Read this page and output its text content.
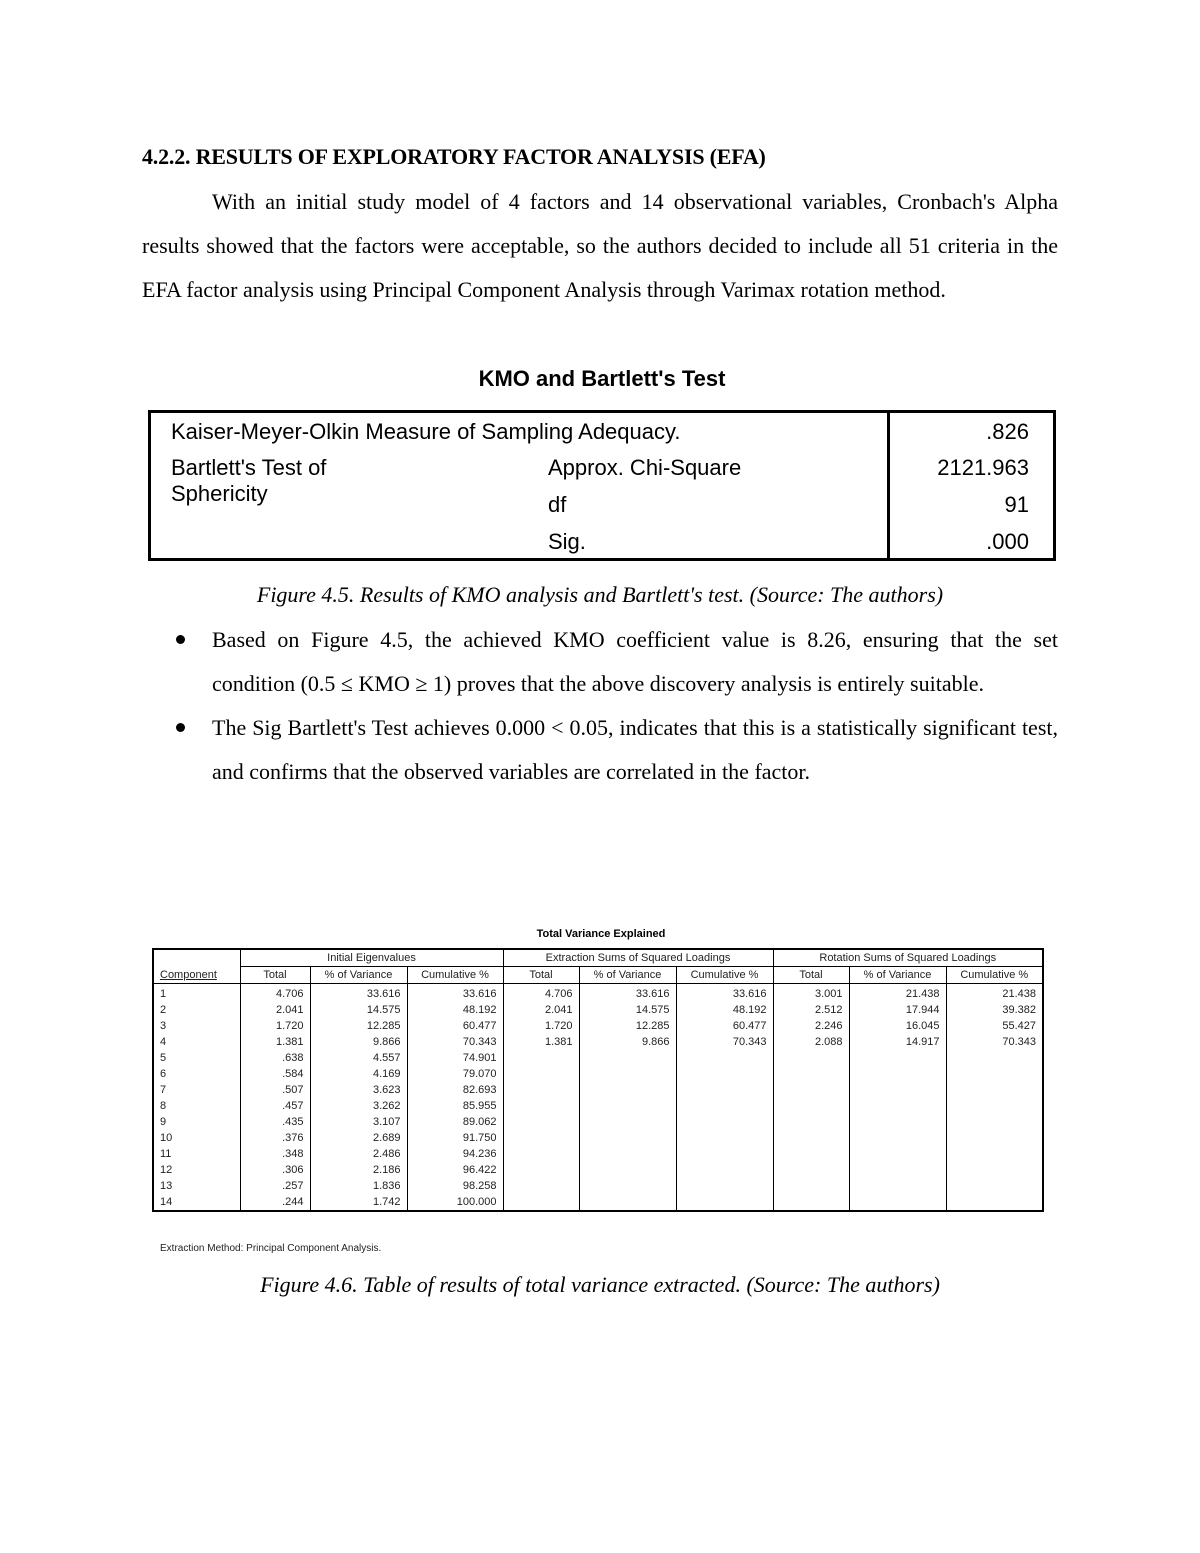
4.2.2. RESULTS OF EXPLORATORY FACTOR ANALYSIS (EFA)
With an initial study model of 4 factors and 14 observational variables, Cronbach's Alpha results showed that the factors were acceptable, so the authors decided to include all 51 criteria in the EFA factor analysis using Principal Component Analysis through Varimax rotation method.
KMO and Bartlett's Test
Kaiser-Meyer-Olkin Measure of Sampling Adequacy.	.826
Bartlett's Test of
Sphericity
Approx. Chi-Square	2121.963
df	91
Sig.	.000
Figure 4.5. Results of KMO analysis and Bartlett's test. (Source: The authors)
Based on Figure 4.5, the achieved KMO coefficient value is 8.26, ensuring that the set condition (0.5 ≤ KMO ≥ 1) proves that the above discovery analysis is entirely suitable.
The Sig Bartlett's Test achieves 0.000 < 0.05, indicates that this is a statistically significant test, and confirms that the observed variables are correlated in the factor.
Total Variance Explained
Component	Initial Eigenvalues			Extraction Sums of Squared Loadings			Rotation Sums of Squared Loadings		
	Total	% of Variance	Cumulative %	Total	% of Variance	Cumulative %	Total	% of Variance	Cumulative %
1	4.706	33.616	33.616	4.706	33.616	33.616	3.001	21.438	21.438
2	2.041	14.575	48.192	2.041	14.575	48.192	2.512	17.944	39.382
3	1.720	12.285	60.477	1.720	12.285	60.477	2.246	16.045	55.427
4	1.381	9.866	70.343	1.381	9.866	70.343	2.088	14.917	70.343
5	.638	4.557	74.901						
6	.584	4.169	79.070						
7	.507	3.623	82.693						
8	.457	3.262	85.955						
9	.435	3.107	89.062						
10	.376	2.689	91.750						
11	.348	2.486	94.236						
12	.306	2.186	96.422						
13	.257	1.836	98.258						
14	.244	1.742	100.000						
Extraction Method: Principal Component Analysis.
Figure 4.6. Table of results of total variance extracted. (Source: The authors)
